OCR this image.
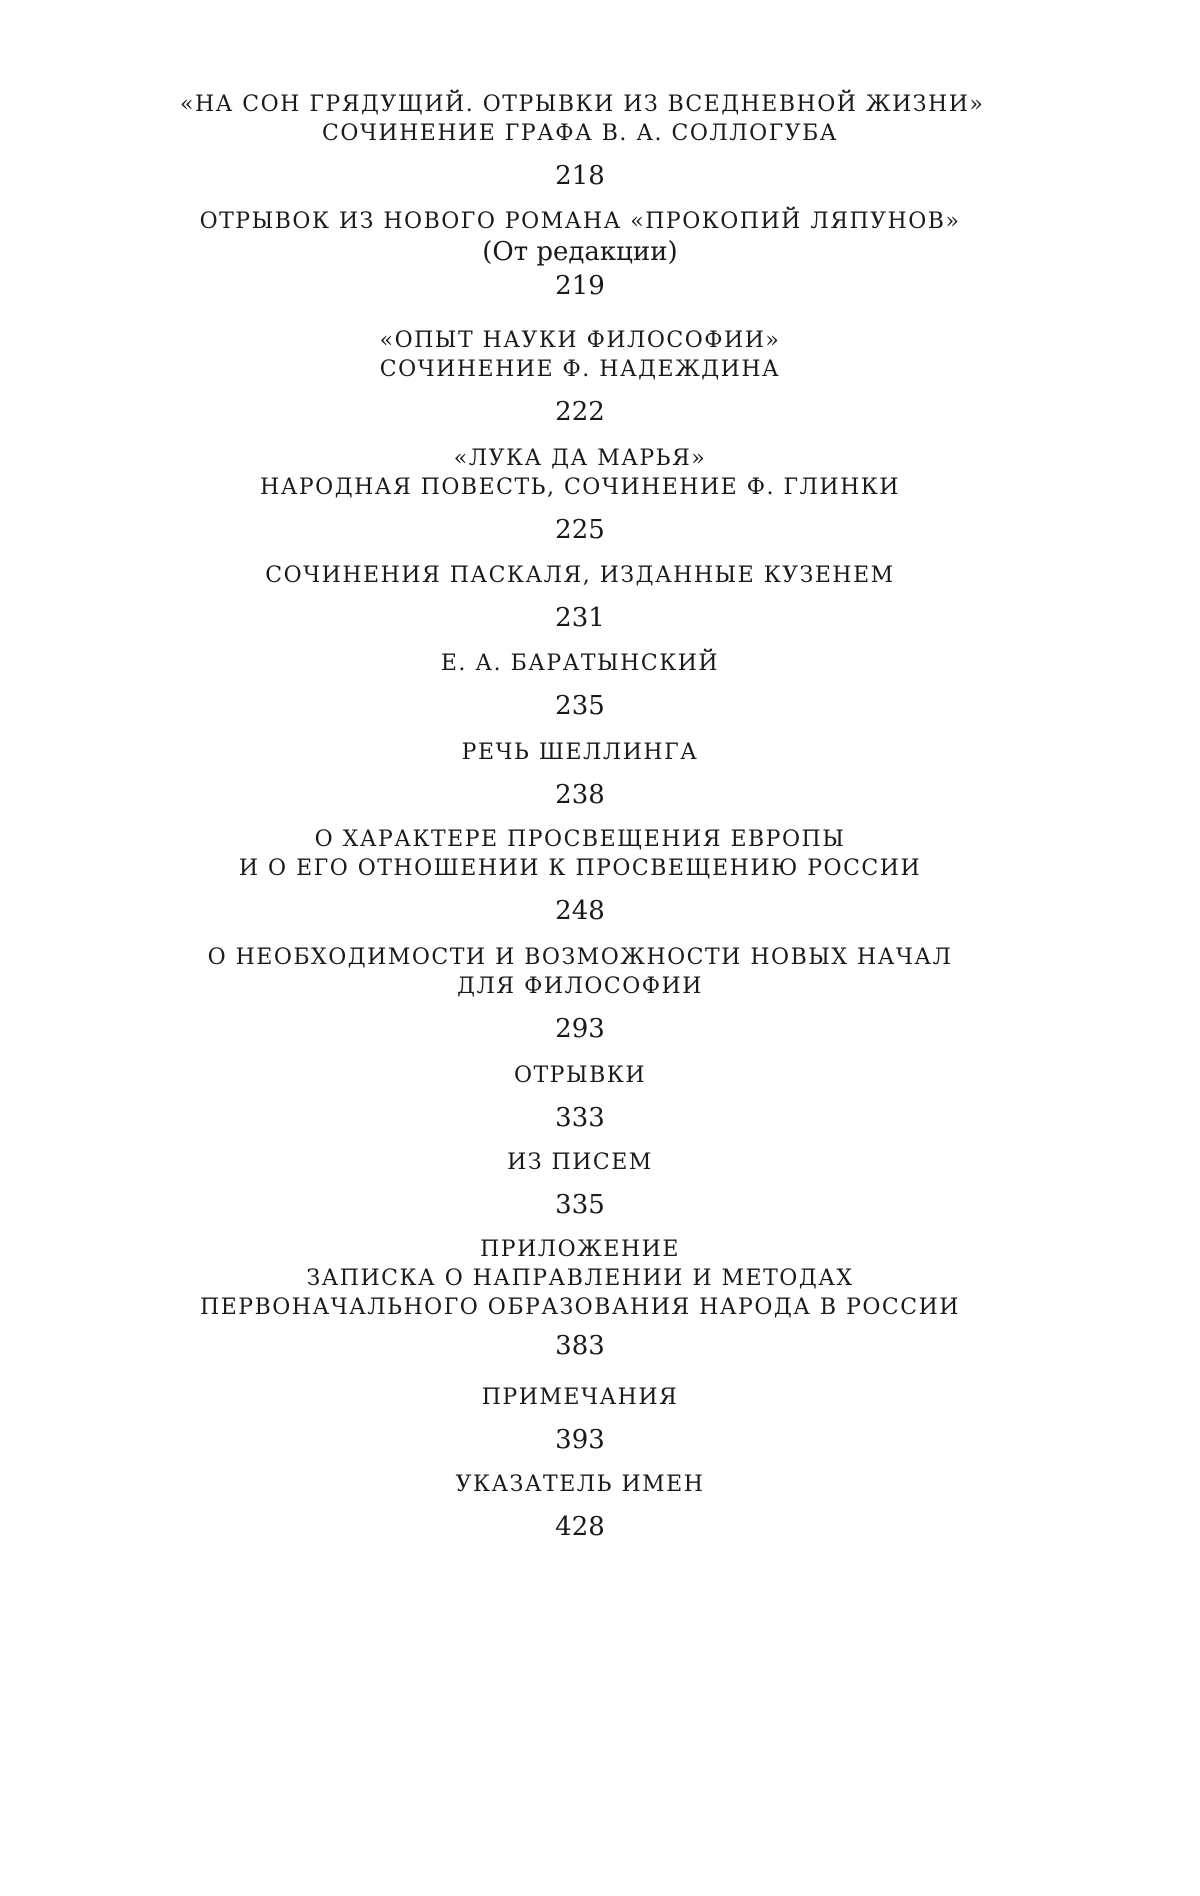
«НА СОН ГРЯДУЩИЙ. ОТРЫВКИ ИЗ ВСЕДНЕВНОЙ ЖИЗНИ»
СОЧИНЕНИЕ ГРАФА В. А. СОЛЛОГУБА
218
ОТРЫВОК ИЗ НОВОГО РОМАНА «ПРОКОПИЙ ЛЯПУНОВ»
(От редакции)
219
«ОПЫТ НАУКИ ФИЛОСОФИИ»
СОЧИНЕНИЕ Ф. НАДЕЖДИНА
222
«ЛУКА ДА МАРЬЯ»
НАРОДНАЯ ПОВЕСТЬ, СОЧИНЕНИЕ Ф. ГЛИНКИ
225
СОЧИНЕНИЯ ПАСКАЛЯ, ИЗДАННЫЕ КУЗЕНЕМ
231
Е. А. БАРАТЫНСКИЙ
235
РЕЧЬ ШЕЛЛИНГА
238
О ХАРАКТЕРЕ ПРОСВЕЩЕНИЯ ЕВРОПЫ
И О ЕГО ОТНОШЕНИИ К ПРОСВЕЩЕНИЮ РОССИИ
248
О НЕОБХОДИМОСТИ И ВОЗМОЖНОСТИ НОВЫХ НАЧАЛ
ДЛЯ ФИЛОСОФИИ
293
ОТРЫВКИ
333
ИЗ ПИСЕМ
335
ПРИЛОЖЕНИЕ
ЗАПИСКА О НАПРАВЛЕНИИ И МЕТОДАХ
ПЕРВОНАЧАЛЬНОГО ОБРАЗОВАНИЯ НАРОДА В РОССИИ
383
ПРИМЕЧАНИЯ
393
УКАЗАТЕЛЬ ИМЕН
428
